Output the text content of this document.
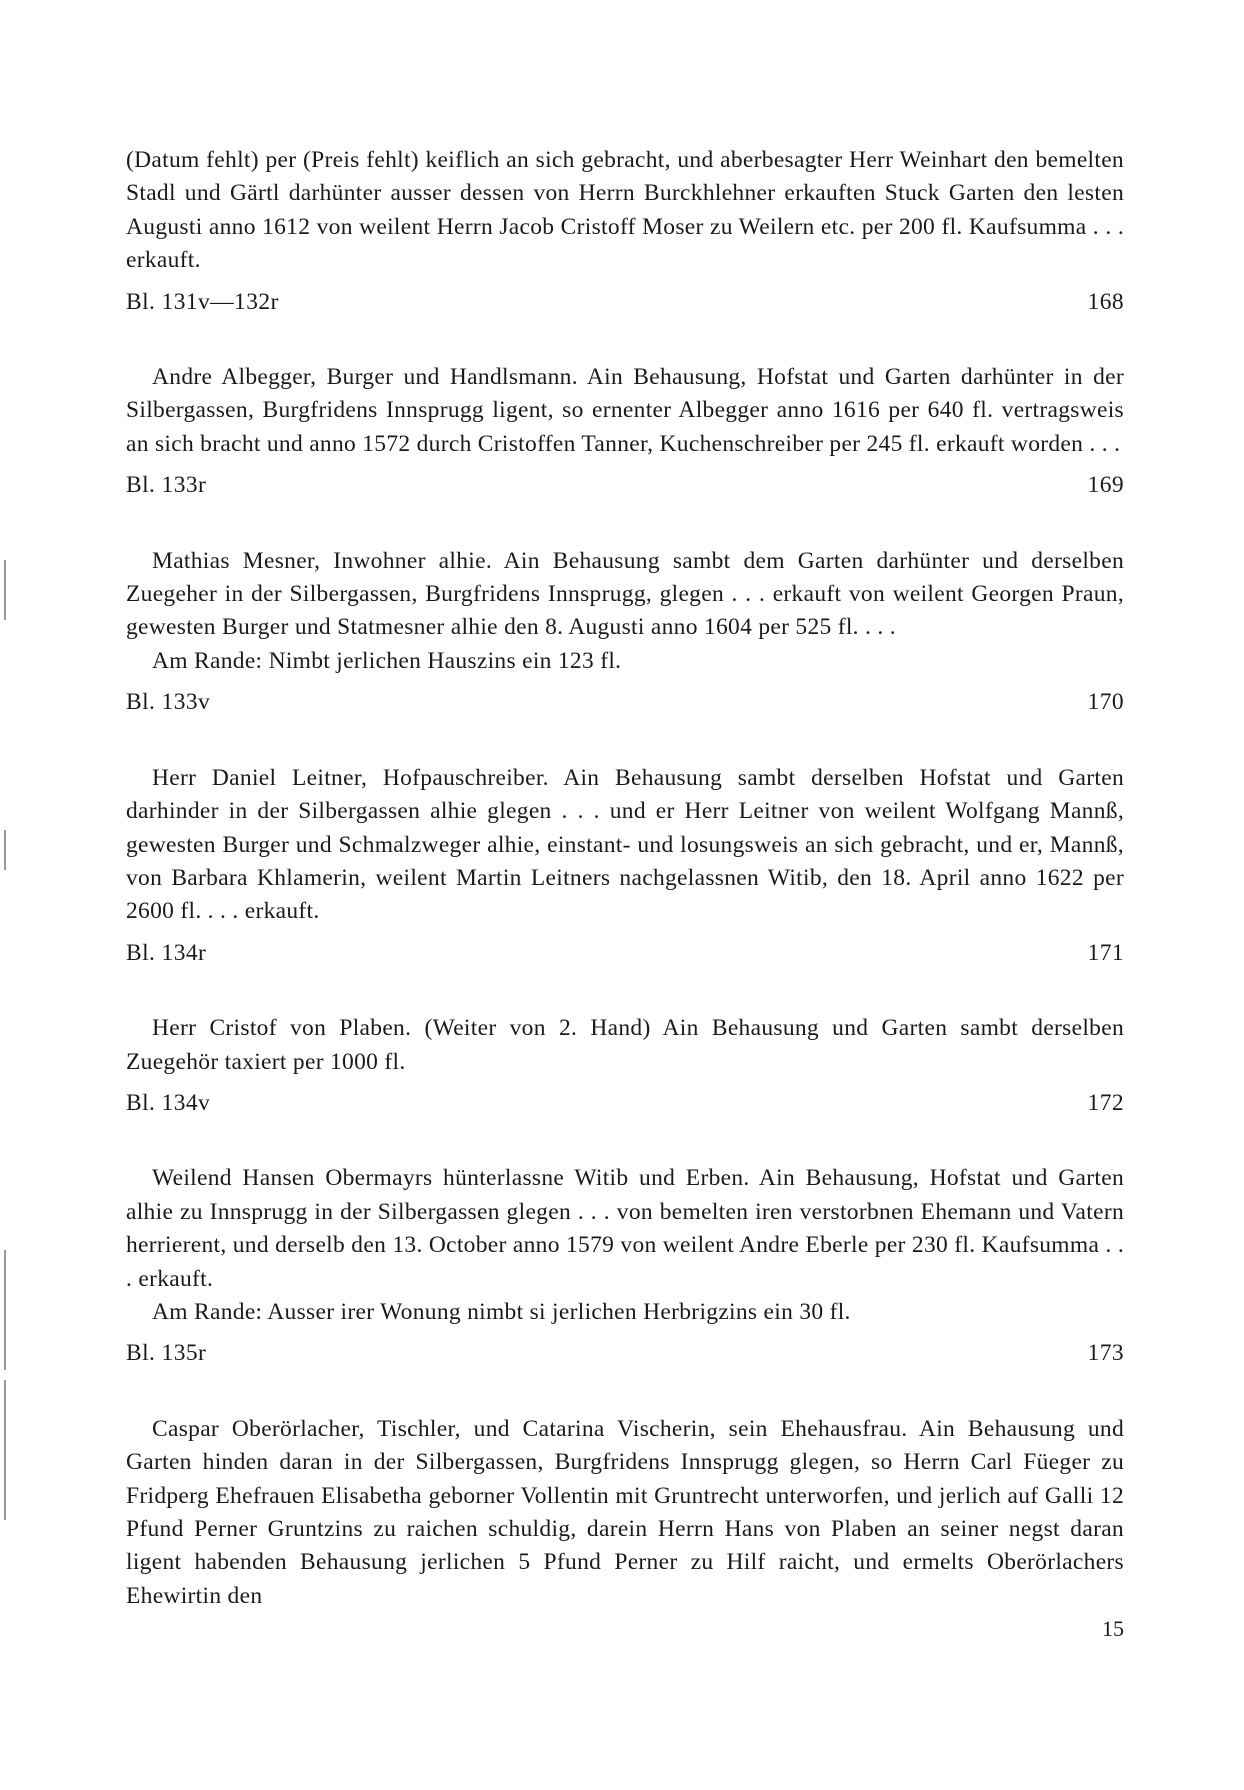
(Datum fehlt) per (Preis fehlt) keiflich an sich gebracht, und aberbesagter Herr Weinhart den bemelten Stadl und Gärtl darhünter ausser dessen von Herrn Burckhlehner erkauften Stuck Garten den lesten Augusti anno 1612 von weilent Herrn Jacob Cristoff Moser zu Weilern etc. per 200 fl. Kaufsumma . . . erkauft.

Bl. 131v—132r	168

Andre Albegger, Burger und Handlsmann. Ain Behausung, Hofstat und Garten darhünter in der Silbergassen, Burgfridens Innsprugg ligent, so ernenter Albegger anno 1616 per 640 fl. vertragsweis an sich bracht und anno 1572 durch Cristoffen Tanner, Kuchenschreiber per 245 fl. erkauft worden . . .

Bl. 133r	169

Mathias Mesner, Inwohner alhie. Ain Behausung sambt dem Garten darhünter und derselben Zuegeher in der Silbergassen, Burgfridens Innsprugg, glegen . . . erkauft von weilent Georgen Praun, gewesten Burger und Statmesner alhie den 8. Augusti anno 1604 per 525 fl. . . .

Am Rande: Nimbt jerlichen Hauszins ein 123 fl.

Bl. 133v	170

Herr Daniel Leitner, Hofpauschreiber. Ain Behausung sambt derselben Hofstat und Garten darhinder in der Silbergassen alhie glegen . . . und er Herr Leitner von weilent Wolfgang Mannß, gewesten Burger und Schmalzweger alhie, einstant- und losungsweis an sich gebracht, und er, Mannß, von Barbara Khlamerin, weilent Martin Leitners nachgelassnen Witib, den 18. April anno 1622 per 2600 fl. . . . erkauft.

Bl. 134r	171

Herr Cristof von Plaben. (Weiter von 2. Hand) Ain Behausung und Garten sambt derselben Zuegehör taxiert per 1000 fl.

Bl. 134v	172

Weilend Hansen Obermayrs hünterlassne Witib und Erben. Ain Behausung, Hofstat und Garten alhie zu Innsprugg in der Silbergassen glegen . . . von bemelten iren verstorbnen Ehemann und Vatern herrierent, und derselb den 13. October anno 1579 von weilent Andre Eberle per 230 fl. Kaufsumma . . . erkauft.

Am Rande: Ausser irer Wonung nimbt si jerlichen Herbrigzins ein 30 fl.

Bl. 135r	173

Caspar Oberörlacher, Tischler, und Catarina Vischerin, sein Ehehausfrau. Ain Behausung und Garten hinden daran in der Silbergassen, Burgfridens Innsprugg glegen, so Herrn Carl Füeger zu Fridperg Ehefrauen Elisabetha geborner Vollentin mit Gruntrecht unterworfen, und jerlich auf Galli 12 Pfund Perner Gruntzins zu raichen schuldig, darein Herrn Hans von Plaben an seiner negst daran ligent habenden Behausung jerlichen 5 Pfund Perner zu Hilf raicht, und ermelts Oberörlachers Ehewirtin den

15
